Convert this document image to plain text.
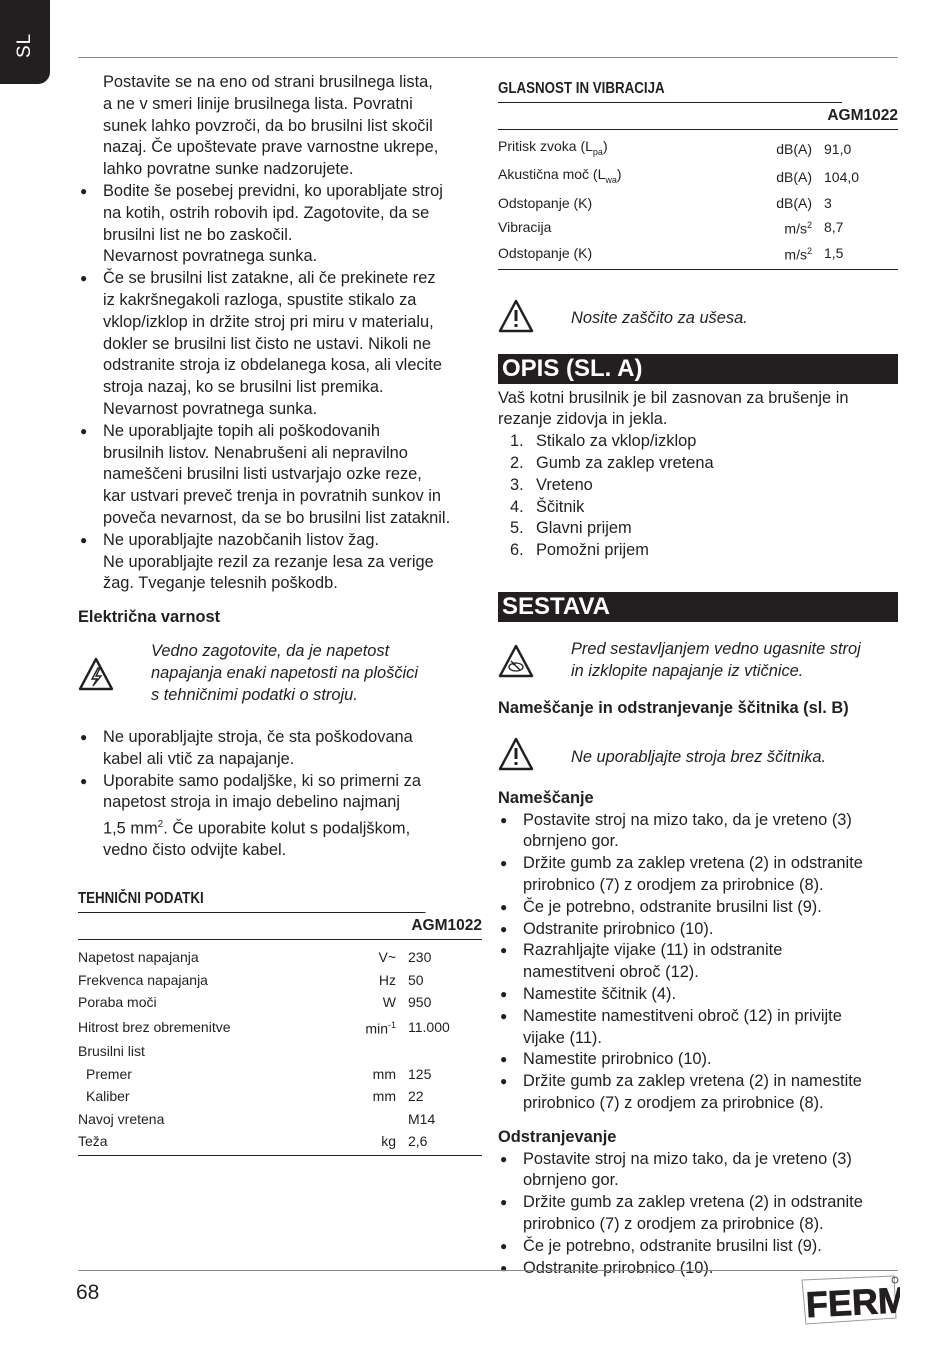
SL
Postavite se na eno od strani brusilnega lista,
a ne v smeri linije brusilnega lista. Povratni
sunek lahko povzroči, da bo brusilni list skočil
nazaj. Če upoštevate prave varnostne ukrepe,
lahko povratne sunke nadzorujete.
● Bodite še posebej previdni, ko uporabljate stroj
na kotih, ostrih robovih ipd. Zagotovite, da se
brusilni list ne bo zaskočil.
Nevarnost povratnega sunka.
● Če se brusilni list zatakne, ali če prekinete rez
iz kakršnegakoli razloga, spustite stikalo za
vklop/izklop in držite stroj pri miru v materialu,
dokler se brusilni list čisto ne ustavi. Nikoli ne
odstranite stroja iz obdelanega kosa, ali vlecite
stroja nazaj, ko se brusilni list premika.
Nevarnost povratnega sunka.
● Ne uporabljajte topih ali poškodovanih
brusilnih listov. Nenabrušeni ali nepravilno
nameščeni brusilni listi ustvarjajo ozke reze,
kar ustvari preveč trenja in povratnih sunkov in
poveča nevarnost, da se bo brusilni list zataknil.
● Ne uporabljajte nazobčanih listov žag.
Ne uporabljajte rezil za rezanje lesa za verige
žag. Tveganje telesnih poškodb.
Električna varnost
Vedno zagotovite, da je napetost
napajanja enaki napetosti na ploščici
s tehničnimi podatki o stroju.
● Ne uporabljajte stroja, če sta poškodovana
kabel ali vtič za napajanje.
● Uporabite samo podaljške, ki so primerni za
napetost stroja in imajo debelino najmanj
1,5 $mm^2$. Če uporabite kolut s podaljškom,
vedno čisto odvijte kabel.
TEHNIČNI PODATKI
AGM1022
Napetost napajanja	V~	230
Frekvenca napajanja	Hz	50
Poraba moči	W	950
Hitrost brez obremenitve	$\min^{-1}$	11.000
Brusilni list		
Premer	mm	125
Kaliber	mm	22
Navoj vretena		M14
Teža	kg	2,6
GLASNOST IN VIBRACIJA
AGM1022
Pritisk zvoka $(L_{pa})$	dB(A)	91,0
Akustična moč $(L_{wa})$	dB(A)	104,0
Odstopanje (K)	dB(A)	3
Vibracija	$m/s^2$	8,7
Odstopanje (K)	$m/s^2$	1,5
Nosite zaščito za ušesa.
OPIS (SL. A)
Vaš kotni brusilnik je bil zasnovan za brušenje in
rezanje zidovja in jekla.
1. Stikalo za vklop/izklop
2. Gumb za zaklep vretena
3. Vreteno
4. Ščitnik
5. Glavni prijem
6. Pomožni prijem
SESTAVA
Pred sestavljanjem vedno ugasnite stroj
in izklopite napajanje iz vtičnice.
Nameščanje in odstranjevanje ščitnika (sl. B)
Ne uporabljajte stroja brez ščitnika.
Nameščanje
● Postavite stroj na mizo tako, da je vreteno (3)
obrnjeno gor.
● Držite gumb za zaklep vretena (2) in odstranite
prirobnico (7) z orodjem za prirobnice (8).
● Če je potrebno, odstranite brusilni list (9).
● Odstranite prirobnico (10).
● Razrahljajte vijake (11) in odstranite
namestitveni obroč (12).
● Namestite ščitnik (4).
● Namestite namestitveni obroč (12) in privijte
vijake (11).
● Namestite prirobnico (10).
● Držite gumb za zaklep vretena (2) in namestite
prirobnico (7) z orodjem za prirobnice (8).
Odstranjevanje
● Postavite stroj na mizo tako, da je vreteno (3)
obrnjeno gor.
● Držite gumb za zaklep vretena (2) in odstranite
prirobnico (7) z orodjem za prirobnice (8).
● Če je potrebno, odstranite brusilni list (9).
● Odstranite prirobnico (10).
68	FERM
